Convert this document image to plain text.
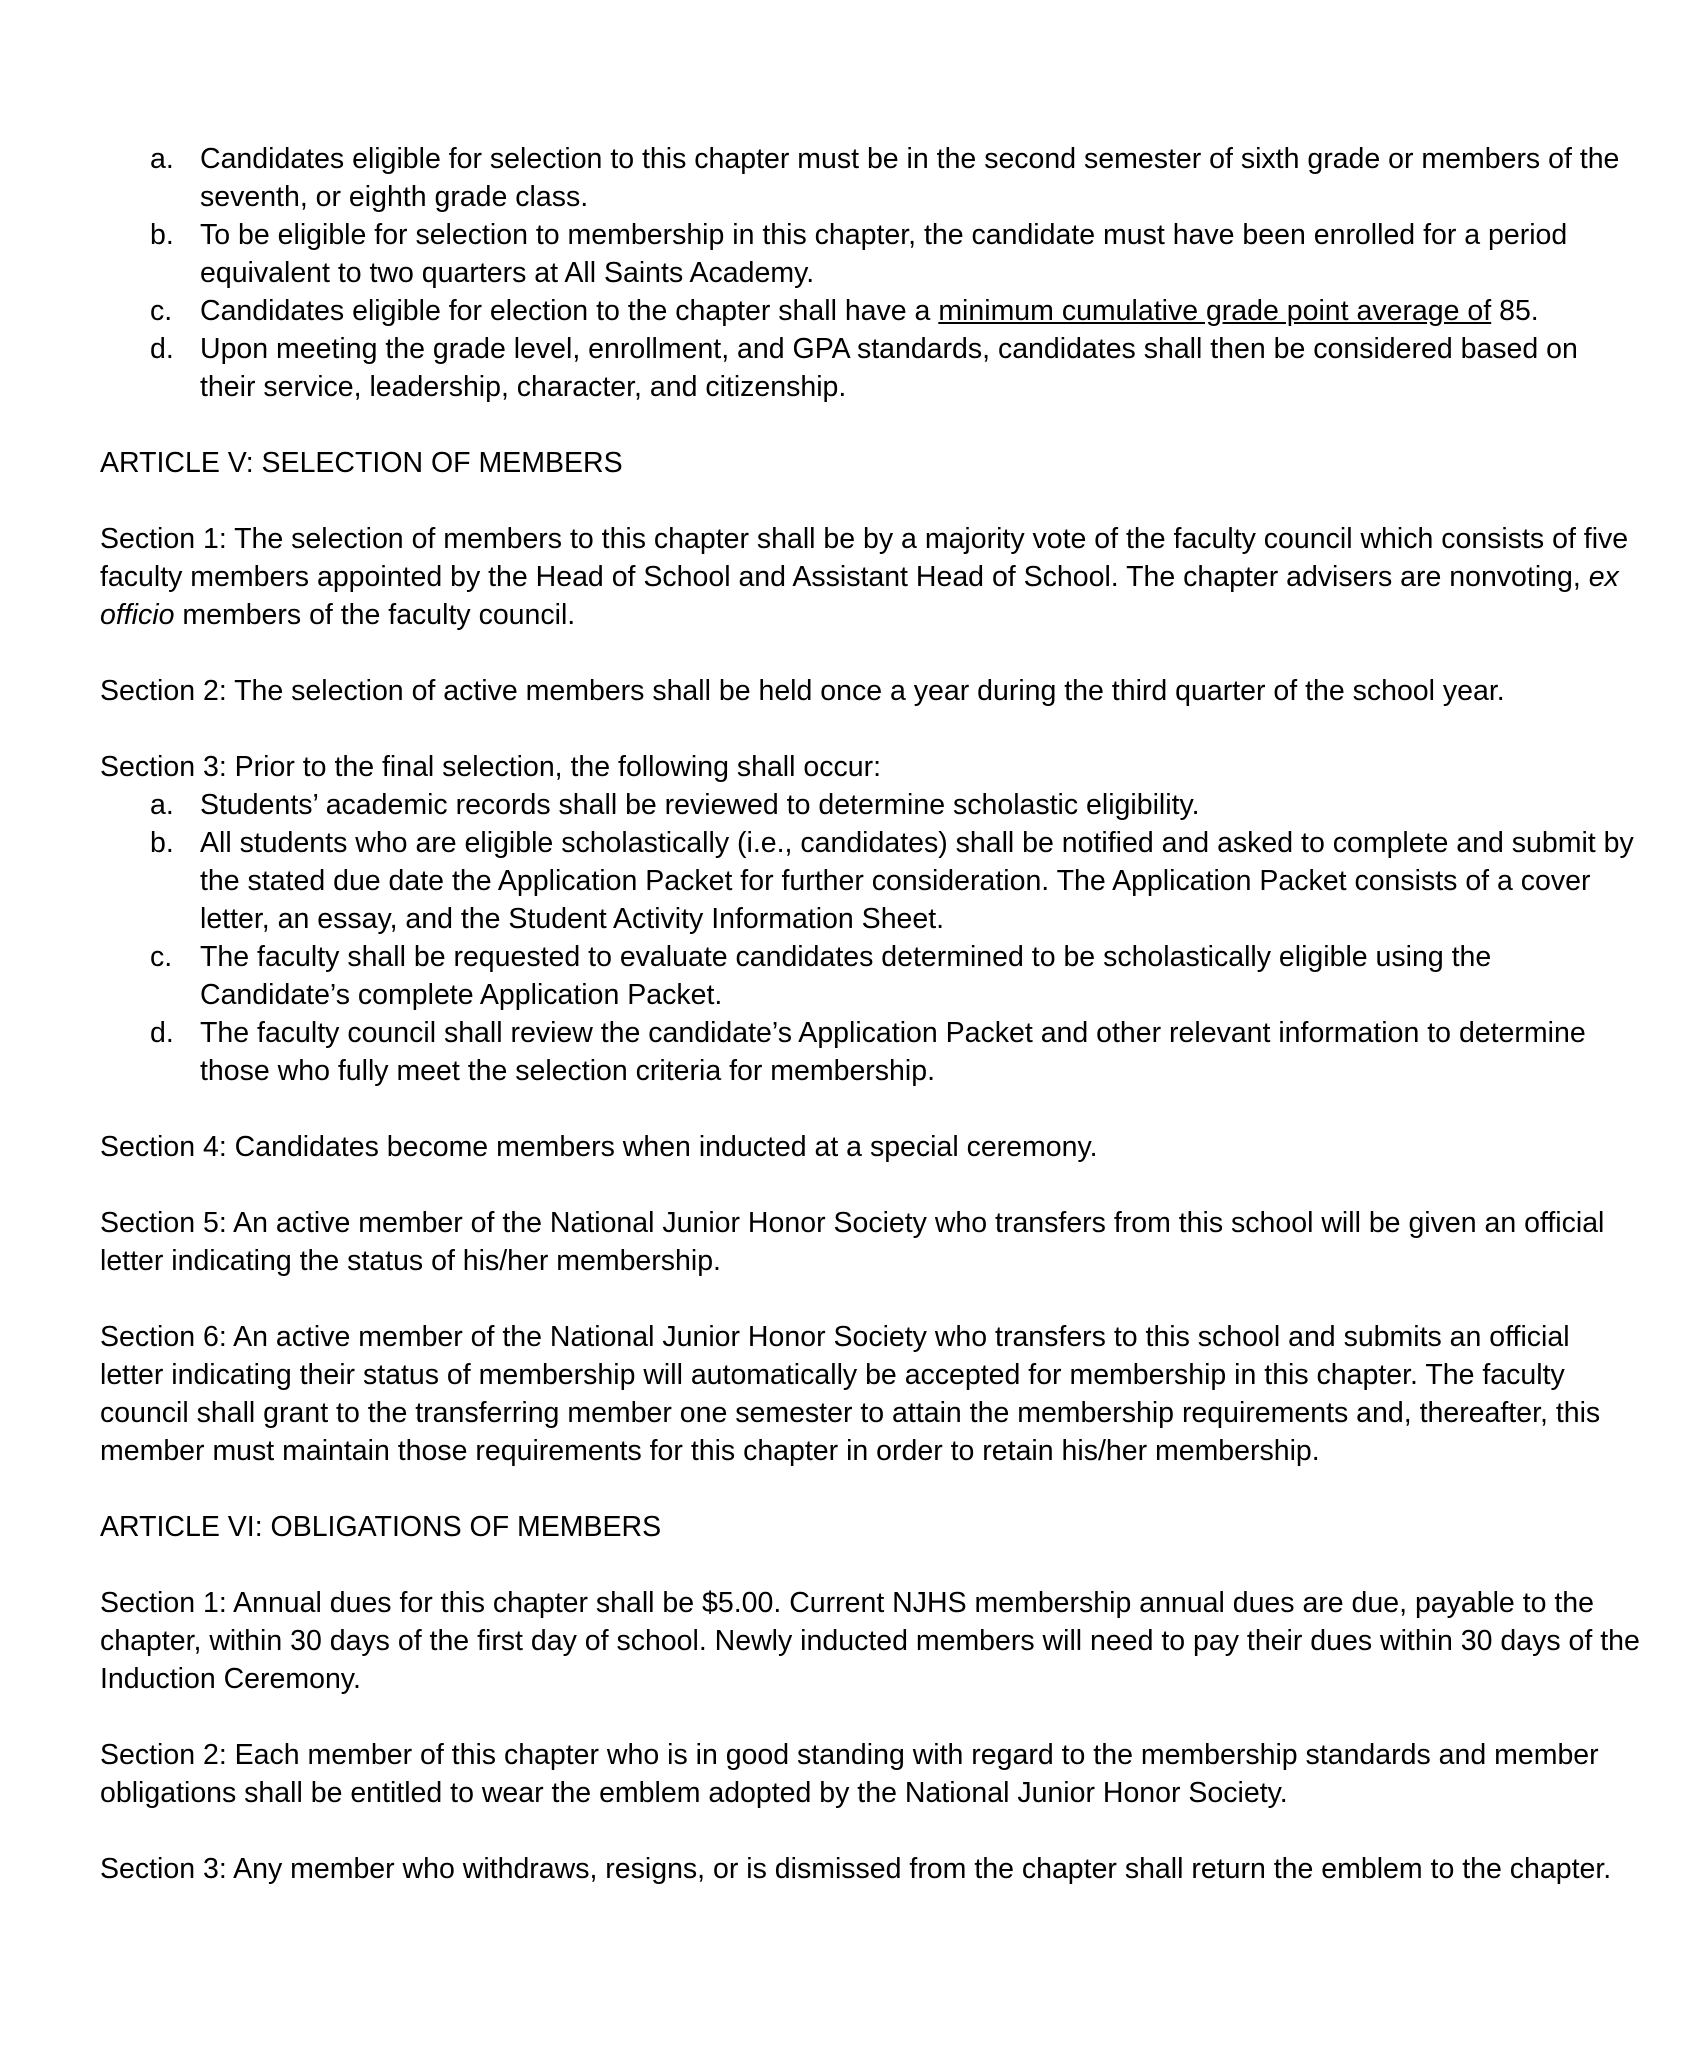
a. Candidates eligible for selection to this chapter must be in the second semester of sixth grade or members of the seventh, or eighth grade class.
b. To be eligible for selection to membership in this chapter, the candidate must have been enrolled for a period equivalent to two quarters at All Saints Academy.
c. Candidates eligible for election to the chapter shall have a minimum cumulative grade point average of 85.
d. Upon meeting the grade level, enrollment, and GPA standards, candidates shall then be considered based on their service, leadership, character, and citizenship.

ARTICLE V: SELECTION OF MEMBERS

Section 1: The selection of members to this chapter shall be by a majority vote of the faculty council which consists of five faculty members appointed by the Head of School and Assistant Head of School. The chapter advisers are nonvoting, ex officio members of the faculty council.

Section 2: The selection of active members shall be held once a year during the third quarter of the school year.

Section 3: Prior to the final selection, the following shall occur:

a. Students’ academic records shall be reviewed to determine scholastic eligibility.
b. All students who are eligible scholastically (i.e., candidates) shall be notified and asked to complete and submit by the stated due date the Application Packet for further consideration. The Application Packet consists of a cover letter, an essay, and the Student Activity Information Sheet.
c. The faculty shall be requested to evaluate candidates determined to be scholastically eligible using the Candidate’s complete Application Packet.
d. The faculty council shall review the candidate’s Application Packet and other relevant information to determine those who fully meet the selection criteria for membership.

Section 4: Candidates become members when inducted at a special ceremony.

Section 5: An active member of the National Junior Honor Society who transfers from this school will be given an official letter indicating the status of his/her membership.

Section 6: An active member of the National Junior Honor Society who transfers to this school and submits an official letter indicating their status of membership will automatically be accepted for membership in this chapter. The faculty council shall grant to the transferring member one semester to attain the membership requirements and, thereafter, this member must maintain those requirements for this chapter in order to retain his/her membership.

ARTICLE VI: OBLIGATIONS OF MEMBERS

Section 1: Annual dues for this chapter shall be $5.00. Current NJHS membership annual dues are due, payable to the chapter, within 30 days of the first day of school. Newly inducted members will need to pay their dues within 30 days of the Induction Ceremony.

Section 2: Each member of this chapter who is in good standing with regard to the membership standards and member obligations shall be entitled to wear the emblem adopted by the National Junior Honor Society.

Section 3: Any member who withdraws, resigns, or is dismissed from the chapter shall return the emblem to the chapter.
